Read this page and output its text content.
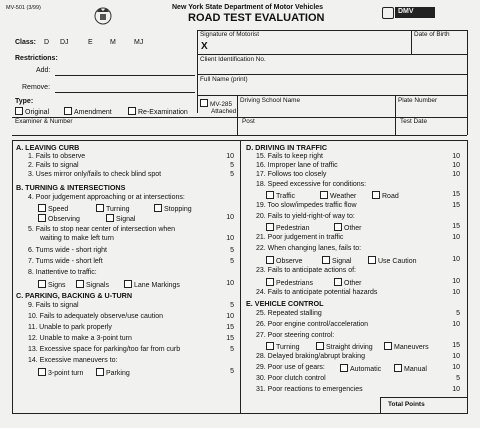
MV-501 (3/99)	New York State Department of Motor Vehicles
ROAD TEST EVALUATION
DMV
Signature of Motorist
X
Date of Birth
Client Identification No.
Full Name (print)
MV-285
Attached
Driving School Name	Plate Number
Examiner & Number	Post	Test Date
Class: D DJ	E M	MJ
Restrictions:
Add:
Remove:
Type:
Original	Amendment	Re-Examination
A. LEAVING CURB
1. Fails to observe	10
2. Fails to signal	5
3. Uses mirror only/fails to check blind spot	5
B. TURNING & INTERSECTIONS
4. Poor judgement approaching or at intersections:
Speed	Turning	Stopping
Observing	Signal	10
5. Fails to stop near center of intersection when
waiting to make left turn	10
6. Turns wide - short right	5
7. Turns wide - short left	5
8. Inattentive to traffic:
Signs	Signals	Lane Markings	10
C. PARKING, BACKING & U-TURN
9. Fails to signal	5
10. Fails to adequately observe/use caution	10
11. Unable to park properly	15
12. Unable to make a 3-point turn	15
13. Excessive space for parking/too far from curb	5
14. Excessive maneuvers to:
3-point turn	Parking	5
D. DRIVING IN TRAFFIC
15. Fails to keep right	10
16. Improper lane of traffic	10
17. Follows too closely	10
18. Speed excessive for conditions:
Traffic	Weather	Road	15
19. Too slow/impedes traffic flow	15
20. Fails to yield-right-of way to:
Pedestrian	Other	15
21. Poor judgement in traffic	10
22. When changing lanes, fails to:
Observe	Signal	Use Caution	10
23. Fails to anticipate actions of:
Pedestrians	Other	10
24. Fails to anticipate potential hazards	10
E. VEHICLE CONTROL
25. Repeated stalling	5
26. Poor engine control/acceleration	10
27. Poor steering control:
Turning	Straight driving	Maneuvers	15
28. Delayed braking/abrupt braking	10
29. Poor use of gears:	Automatic	Manual	10
30. Poor clutch control	5
31. Poor reactions to emergencies	10
Total Points
